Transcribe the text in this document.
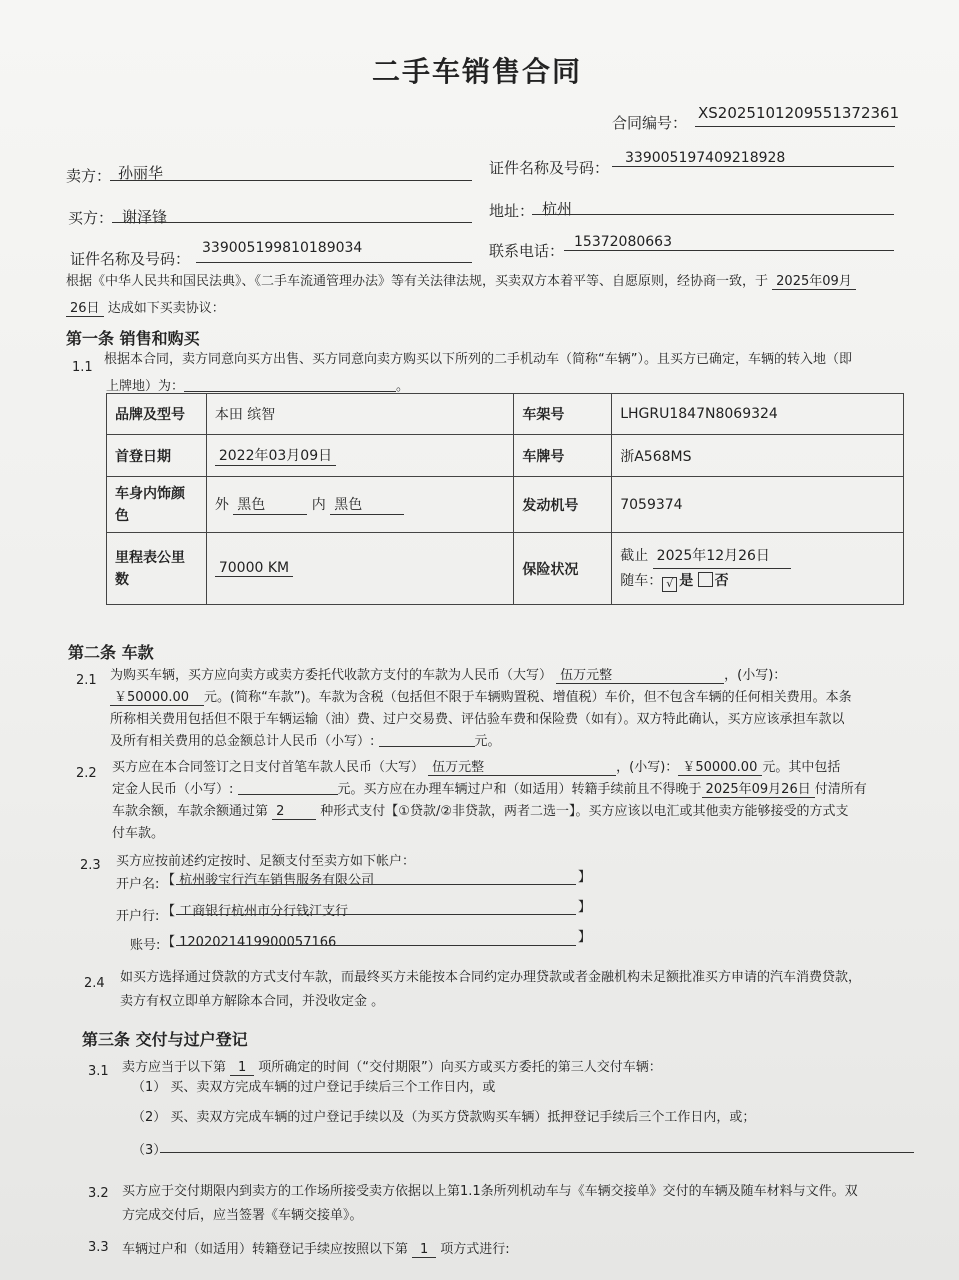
二手车销售合同
合同编号：
XS2025101209551372361
卖方： 孙丽华	证件名称及号码：
339005197409218928
买方： 谢泽锋	地址： 杭州
证件名称及号码：
339005199810189034	联系电话： 15372080663
根据《中华人民共和国民法典》、《二手车流通管理办法》等有关法律法规，买卖双方本着平等、自愿原则，经协商一致，于 2025年09月
26日 达成如下买卖协议：
第一条 销售和购买
1.1
根据本合同，卖方同意向买方出售、买方同意向卖方购买以下所列的二手机动车（简称“车辆”）。且买方已确定，车辆的转入地（即
上牌地）为：	。
品牌及型号	本田 缤智	车架号	LHGRU1847N8069324
首登日期	2022年03月09日	车牌号	浙A568MS
车身内饰颜色	外 黑色 内 黑色	发动机号	7059374
里程表公里数	70000 KM	保险状况	截止 2025年12月26日
随车： √ 是 否
第二条 车款
2.1 为购买车辆，买方应向卖方或卖方委托代收款方支付的车款为人民币（大写） 伍万元整	，(小写)：
￥50000.00 元。(简称“车款”)。车款为含税（包括但不限于车辆购置税、增值税）车价，但不包含车辆的任何相关费用。本条
所称相关费用包括但不限于车辆运输（油）费、过户交易费、评估验车费和保险费（如有）。双方特此确认，买方应该承担车款以
及所有相关费用的总金额总计人民币（小写）:	元。
2.2 买方应在本合同签订之日支付首笔车款人民币（大写） 伍万元整	，(小写)： ￥50000.00 元。其中包括
定金人民币（小写）:	元。买方应在办理车辆过户和（如适用）转籍手续前且不得晚于 2025年09月26日 付清所有
车款余额，车款余额通过第 2	种形式支付【①贷款/②非贷款，两者二选一】。买方应该以电汇或其他卖方能够接受的方式支
付车款。
2.3 买方应按前述约定按时、足额支付至卖方如下帐户：
开户名: 【 杭州骏宝行汽车销售服务有限公司	】
开户行: 【 工商银行杭州市分行钱江支行	】
账号: 【 1202021419900057166	】
2.4 如买方选择通过贷款的方式支付车款，而最终买方未能按本合同约定办理贷款或者金融机构未足额批准买方申请的汽车消费贷款，
卖方有权立即单方解除本合同，并没收定金 。
第三条 交付与过户登记
3.1 卖方应当于以下第 1 项所确定的时间（“交付期限”）向买方或买方委托的第三人交付车辆：
（1） 买、卖双方完成车辆的过户登记手续后三个工作日内，或
（2） 买、卖双方完成车辆的过户登记手续以及（为买方贷款购买车辆）抵押登记手续后三个工作日内，或；
（3）
3.2 买方应于交付期限内到卖方的工作场所接受卖方依据以上第1.1条所列机动车与《车辆交接单》交付的车辆及随车材料与文件。双
方完成交付后，应当签署《车辆交接单》。
3.3 车辆过户和（如适用）转籍登记手续应按照以下第 1 项方式进行:
